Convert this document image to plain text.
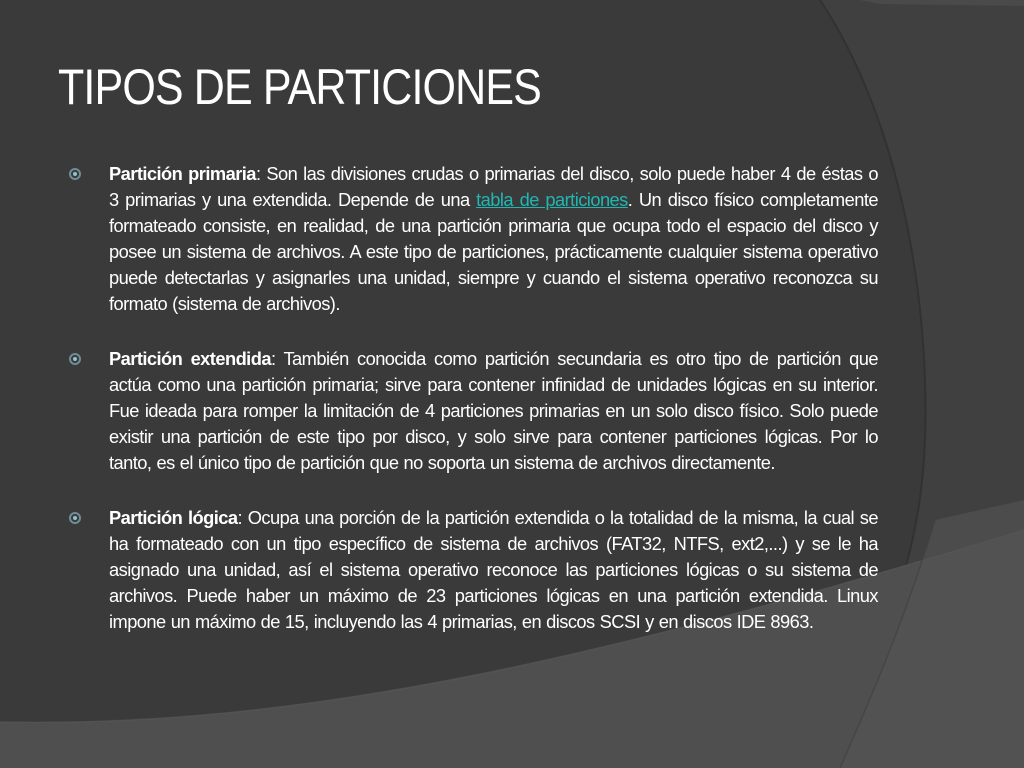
TIPOS DE PARTICIONES
Partición primaria: Son las divisiones crudas o primarias del disco, solo puede haber 4 de éstas o 3 primarias y una extendida. Depende de una tabla de particiones. Un disco físico completamente formateado consiste, en realidad, de una partición primaria que ocupa todo el espacio del disco y posee un sistema de archivos. A este tipo de particiones, prácticamente cualquier sistema operativo puede detectarlas y asignarles una unidad, siempre y cuando el sistema operativo reconozca su formato (sistema de archivos).
Partición extendida: También conocida como partición secundaria es otro tipo de partición que actúa como una partición primaria; sirve para contener infinidad de unidades lógicas en su interior. Fue ideada para romper la limitación de 4 particiones primarias en un solo disco físico. Solo puede existir una partición de este tipo por disco, y solo sirve para contener particiones lógicas. Por lo tanto, es el único tipo de partición que no soporta un sistema de archivos directamente.
Partición lógica: Ocupa una porción de la partición extendida o la totalidad de la misma, la cual se ha formateado con un tipo específico de sistema de archivos (FAT32, NTFS, ext2,...) y se le ha asignado una unidad, así el sistema operativo reconoce las particiones lógicas o su sistema de archivos. Puede haber un máximo de 23 particiones lógicas en una partición extendida. Linux impone un máximo de 15, incluyendo las 4 primarias, en discos SCSI y en discos IDE 8963.
